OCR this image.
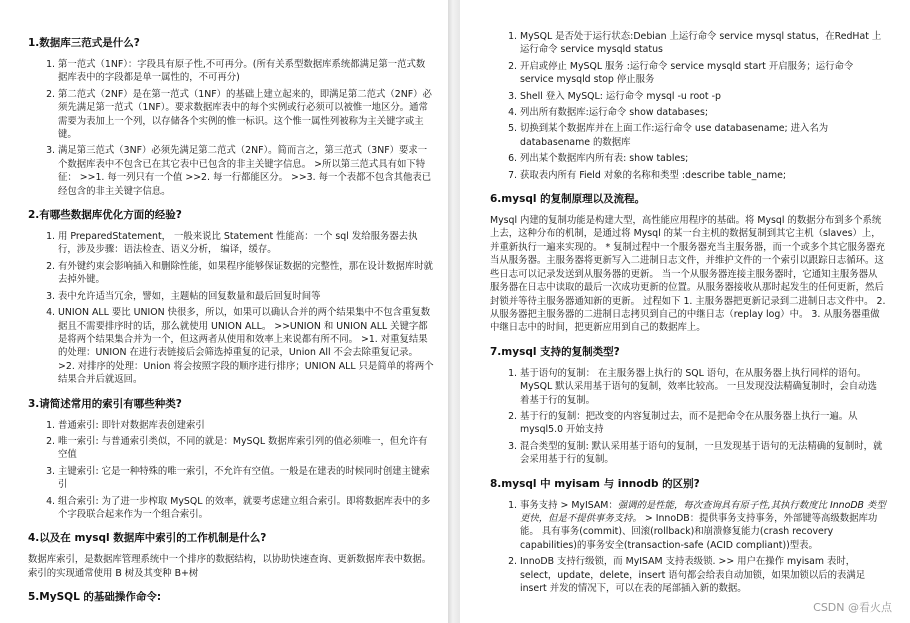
1.数据库三范式是什么?
1. 第一范式（1NF）：字段具有原子性,不可再分。(所有关系型数据库系统都满足第一范式数据库表中的字段都是单一属性的，不可再分)
2. 第二范式（2NF）是在第一范式（1NF）的基础上建立起来的，即满足第二范式（2NF）必须先满足第一范式（1NF）。要求数据库表中的每个实例或行必须可以被惟一地区分。通常需要为表加上一个列，以存储各个实例的惟一标识。这个惟一属性列被称为主关键字或主键。
3. 满足第三范式（3NF）必须先满足第二范式（2NF）。简而言之，第三范式（3NF）要求一个数据库表中不包含已在其它表中已包含的非主关键字信息。 >所以第三范式具有如下特征： >>1. 每一列只有一个值 >>2. 每一行都能区分。 >>3. 每一个表都不包含其他表已经包含的非主关键字信息。
2.有哪些数据库优化方面的经验?
1. 用 PreparedStatement， 一般来说比 Statement 性能高：一个 sql 发给服务器去执行，涉及步骤：语法检查、语义分析， 编译，缓存。
2. 有外键约束会影响插入和删除性能，如果程序能够保证数据的完整性，那在设计数据库时就去掉外键。
3. 表中允许适当冗余，譬如，主题帖的回复数量和最后回复时间等
4. UNION ALL 要比 UNION 快很多，所以，如果可以确认合并的两个结果集中不包含重复数据且不需要排序时的话，那么就使用 UNION ALL。 >>UNION 和 UNION ALL 关键字都是将两个结果集合并为一个，但这两者从使用和效率上来说都有所不同。 >1. 对重复结果的处理：UNION 在进行表链接后会筛选掉重复的记录，Union All 不会去除重复记录。 >2. 对排序的处理：Union 将会按照字段的顺序进行排序；UNION ALL 只是简单的将两个结果合并后就返回。
3.请简述常用的索引有哪些种类?
1. 普通索引: 即针对数据库表创建索引
2. 唯一索引: 与普通索引类似，不同的就是：MySQL 数据库索引列的值必须唯一，但允许有空值
3. 主键索引: 它是一种特殊的唯一索引，不允许有空值。一般是在建表的时候同时创建主键索引
4. 组合索引: 为了进一步榨取 MySQL 的效率，就要考虑建立组合索引。即将数据库表中的多个字段联合起来作为一个组合索引。
4.以及在 mysql 数据库中索引的工作机制是什么?

数据库索引，是数据库管理系统中一个排序的数据结构，以协助快速查询、更新数据库表中数据。索引的实现通常使用 B 树及其变种 B+树

5.MySQL 的基础操作命令:
1. MySQL 是否处于运行状态:Debian 上运行命令 service mysql status，在RedHat 上运行命令 service mysqld status
2. 开启或停止 MySQL 服务 :运行命令 service mysqld start 开启服务；运行命令 service mysqld stop 停止服务
3. Shell 登入 MySQL: 运行命令 mysql -u root -p
4. 列出所有数据库:运行命令 show databases;
5. 切换到某个数据库并在上面工作:运行命令 use databasename; 进入名为 databasename 的数据库
6. 列出某个数据库内所有表: show tables;
7. 获取表内所有 Field 对象的名称和类型 :describe table_name;
6.mysql 的复制原理以及流程。

Mysql 内建的复制功能是构建大型，高性能应用程序的基础。将 Mysql 的数据分布到多个系统上去，这种分布的机制，是通过将 Mysql 的某一台主机的数据复制到其它主机（slaves）上，并重新执行一遍来实现的。 * 复制过程中一个服务器充当主服务器，而一个或多个其它服务器充当从服务器。主服务器将更新写入二进制日志文件，并维护文件的一个索引以跟踪日志循环。这些日志可以记录发送到从服务器的更新。 当一个从服务器连接主服务器时，它通知主服务器从服务器在日志中读取的最后一次成功更新的位置。从服务器接收从那时起发生的任何更新，然后封锁并等待主服务器通知新的更新。 过程如下 1. 主服务器把更新记录到二进制日志文件中。 2. 从服务器把主服务器的二进制日志拷贝到自己的中继日志（replay log）中。 3. 从服务器重做中继日志中的时间，把更新应用到自己的数据库上。

7.mysql 支持的复制类型?
1. 基于语句的复制： 在主服务器上执行的 SQL 语句，在从服务器上执行同样的语句。MySQL 默认采用基于语句的复制，效率比较高。 一旦发现没法精确复制时，会自动选着基于行的复制。
2. 基于行的复制：把改变的内容复制过去，而不是把命令在从服务器上执行一遍。从 mysql5.0 开始支持
3. 混合类型的复制: 默认采用基于语句的复制，一旦发现基于语句的无法精确的复制时，就会采用基于行的复制。
8.mysql 中 myisam 与 innodb 的区别?
1. 事务支持 > MyISAM：强调的是性能，每次查询具有原子性,其执行数度比 InnoDB 类型更快，但是不提供事务支持。 > InnoDB：提供事务支持事务，外部键等高级数据库功能。 具有事务(commit)、回滚(rollback)和崩溃修复能力(crash recovery capabilities)的事务安全(transaction-safe (ACID compliant))型表。
2. InnoDB 支持行级锁，而 MyISAM 支持表级锁. >> 用户在操作 myisam 表时，select，update，delete，insert 语句都会给表自动加锁，如果加锁以后的表满足 insert 并发的情况下，可以在表的尾部插入新的数据。
CSDN @看火点
